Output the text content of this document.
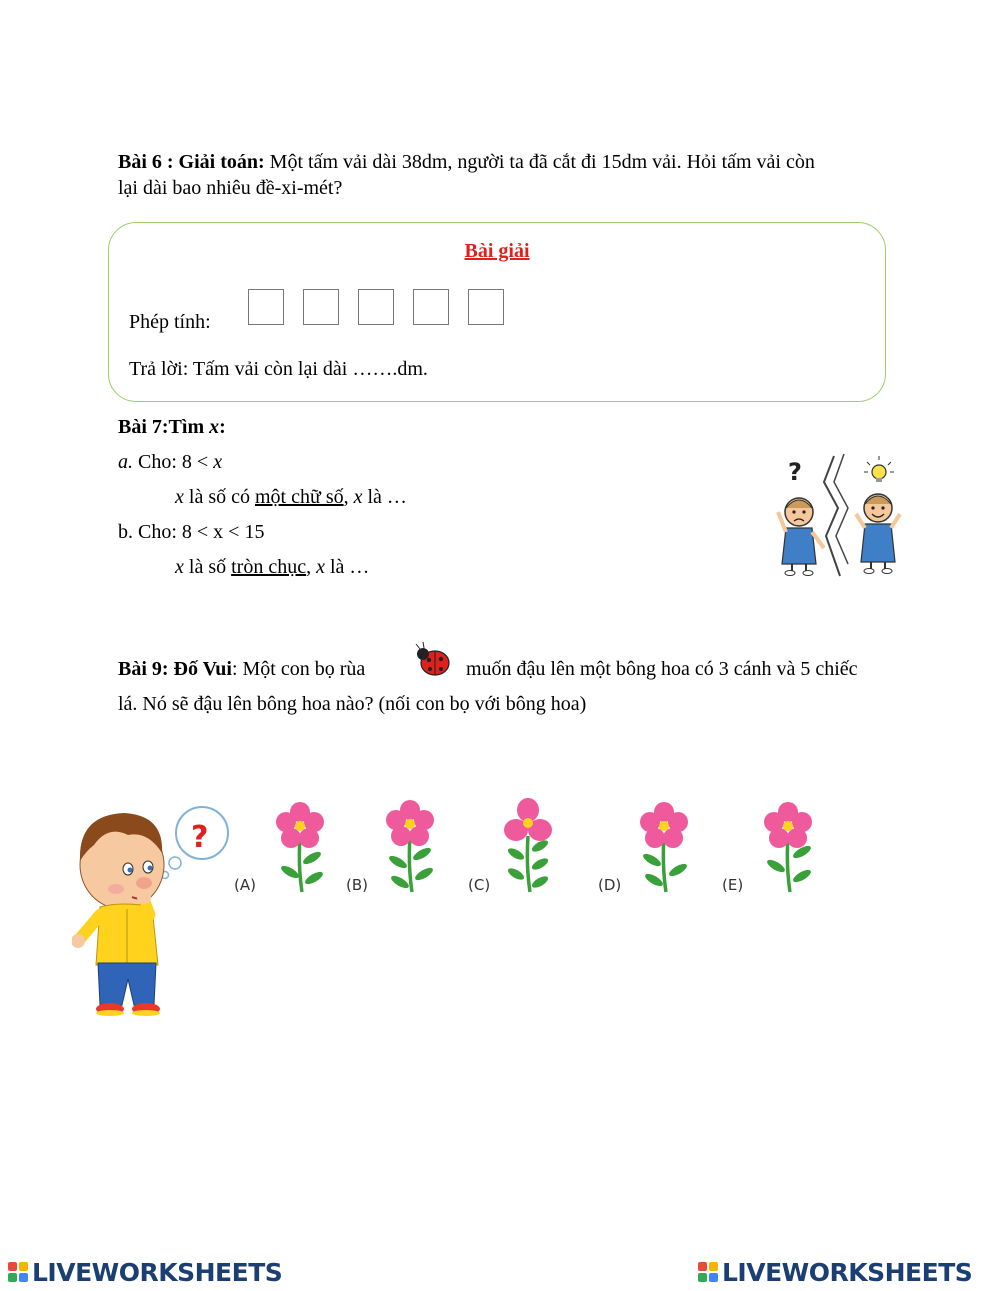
Bài 6 : Giải toán: Một tấm vải dài 38dm, người ta đã cắt đi 15dm vải. Hỏi tấm vải còn
lại dài bao nhiêu đề-xi-mét?
Bài giải
Phép tính:
Trả lời: Tấm vải còn lại dài …….dm.
Bài 7:Tìm x:
a. Cho: 8 < x
x là số có một chữ số, x là …
b. Cho: 8 < x < 15
x là số tròn chục, x là …
?
Bài 9: Đố Vui: Một con bọ rùa	muốn đậu lên một bông hoa có 3 cánh và 5 chiếc
lá. Nó sẽ đậu lên bông hoa nào? (nối con bọ với bông hoa)
?
(A)	(B)	(C)	(D)	(E)
LIVEWORKSHEETS	LIVEWORKSHEETS
